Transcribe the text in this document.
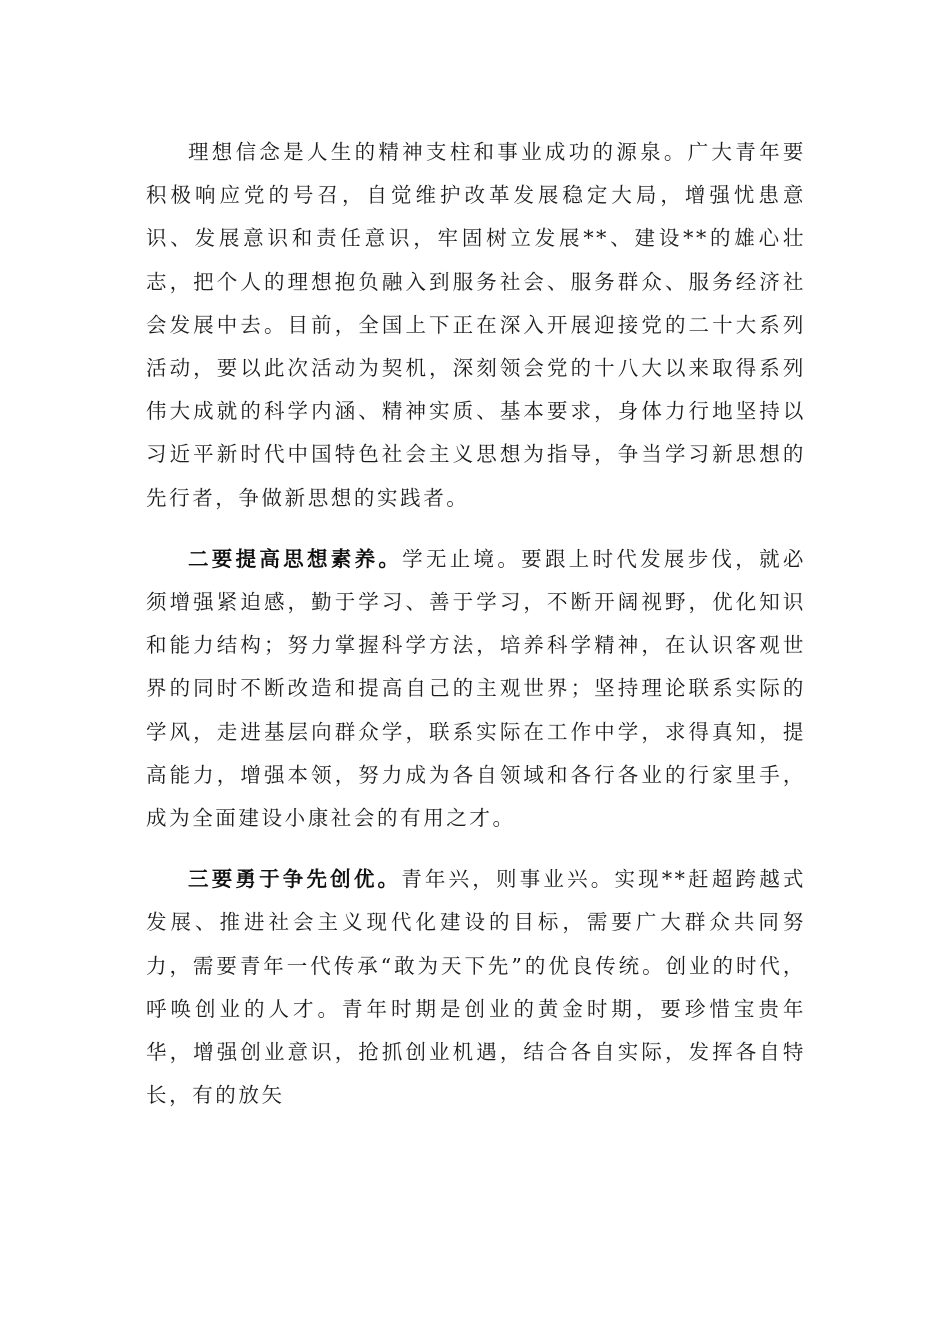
理想信念是人生的精神支柱和事业成功的源泉。广大青年要积极响应党的号召，自觉维护改革发展稳定大局，增强忧患意识、发展意识和责任意识，牢固树立发展**、建设**的雄心壮志，把个人的理想抱负融入到服务社会、服务群众、服务经济社会发展中去。目前，全国上下正在深入开展迎接党的二十大系列活动，要以此次活动为契机，深刻领会党的十八大以来取得系列伟大成就的科学内涵、精神实质、基本要求，身体力行地坚持以习近平新时代中国特色社会主义思想为指导，争当学习新思想的先行者，争做新思想的实践者。

二要提高思想素养。学无止境。要跟上时代发展步伐，就必须增强紧迫感，勤于学习、善于学习，不断开阔视野，优化知识和能力结构；努力掌握科学方法，培养科学精神，在认识客观世界的同时不断改造和提高自己的主观世界；坚持理论联系实际的学风，走进基层向群众学，联系实际在工作中学，求得真知，提高能力，增强本领，努力成为各自领域和各行各业的行家里手，成为全面建设小康社会的有用之才。

三要勇于争先创优。青年兴，则事业兴。实现**赶超跨越式发展、推进社会主义现代化建设的目标，需要广大群众共同努力，需要青年一代传承“敢为天下先”的优良传统。创业的时代，呼唤创业的人才。青年时期是创业的黄金时期，要珍惜宝贵年华，增强创业意识，抢抓创业机遇，结合各自实际，发挥各自特长，有的放矢
